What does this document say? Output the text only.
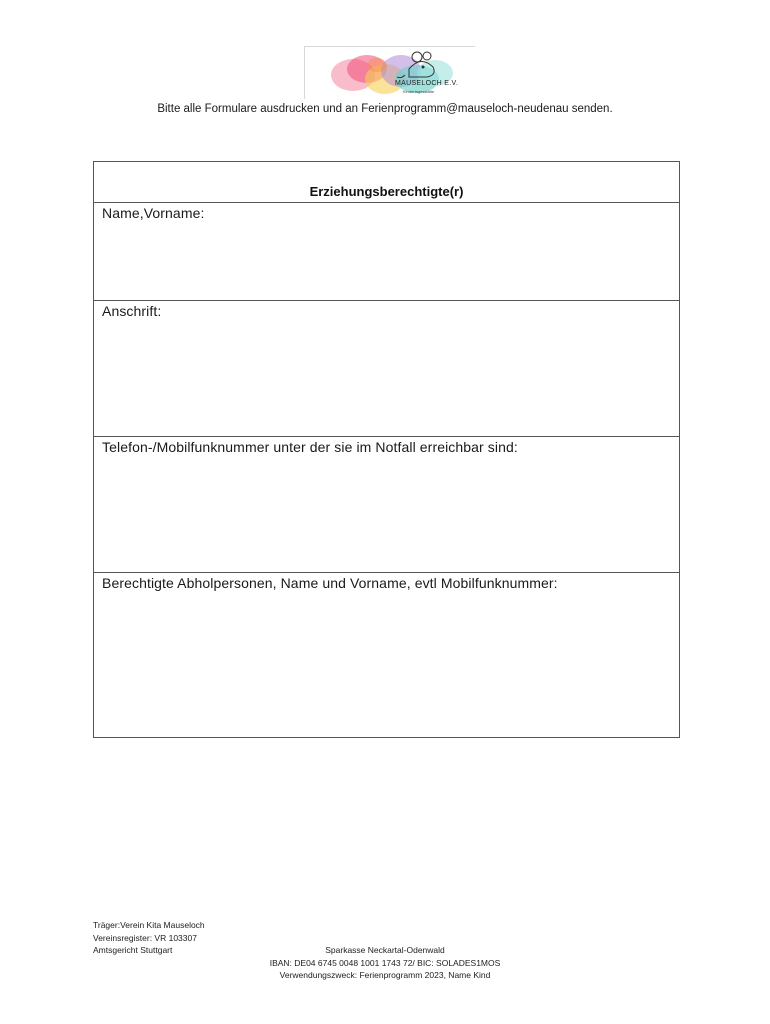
MAUSELOCH E.V.
Kindertagesstätte
Bitte alle Formulare ausdrucken und an Ferienprogramm@mauseloch-neudenau senden.
Erziehungsberechtigte(r)
Name,Vorname:
Anschrift:
Telefon-/Mobilfunknummer unter der sie im Notfall erreichbar sind:
Berechtigte Abholpersonen, Name und Vorname, evtl Mobilfunknummer:
Träger:Verein Kita Mauseloch
Vereinsregister: VR 103307
Amtsgericht Stuttgart	Sparkasse Neckartal-Odenwald
IBAN: DE04 6745 0048 1001 1743 72/ BIC: SOLADES1MOS
Verwendungszweck: Ferienprogramm 2023, Name Kind
